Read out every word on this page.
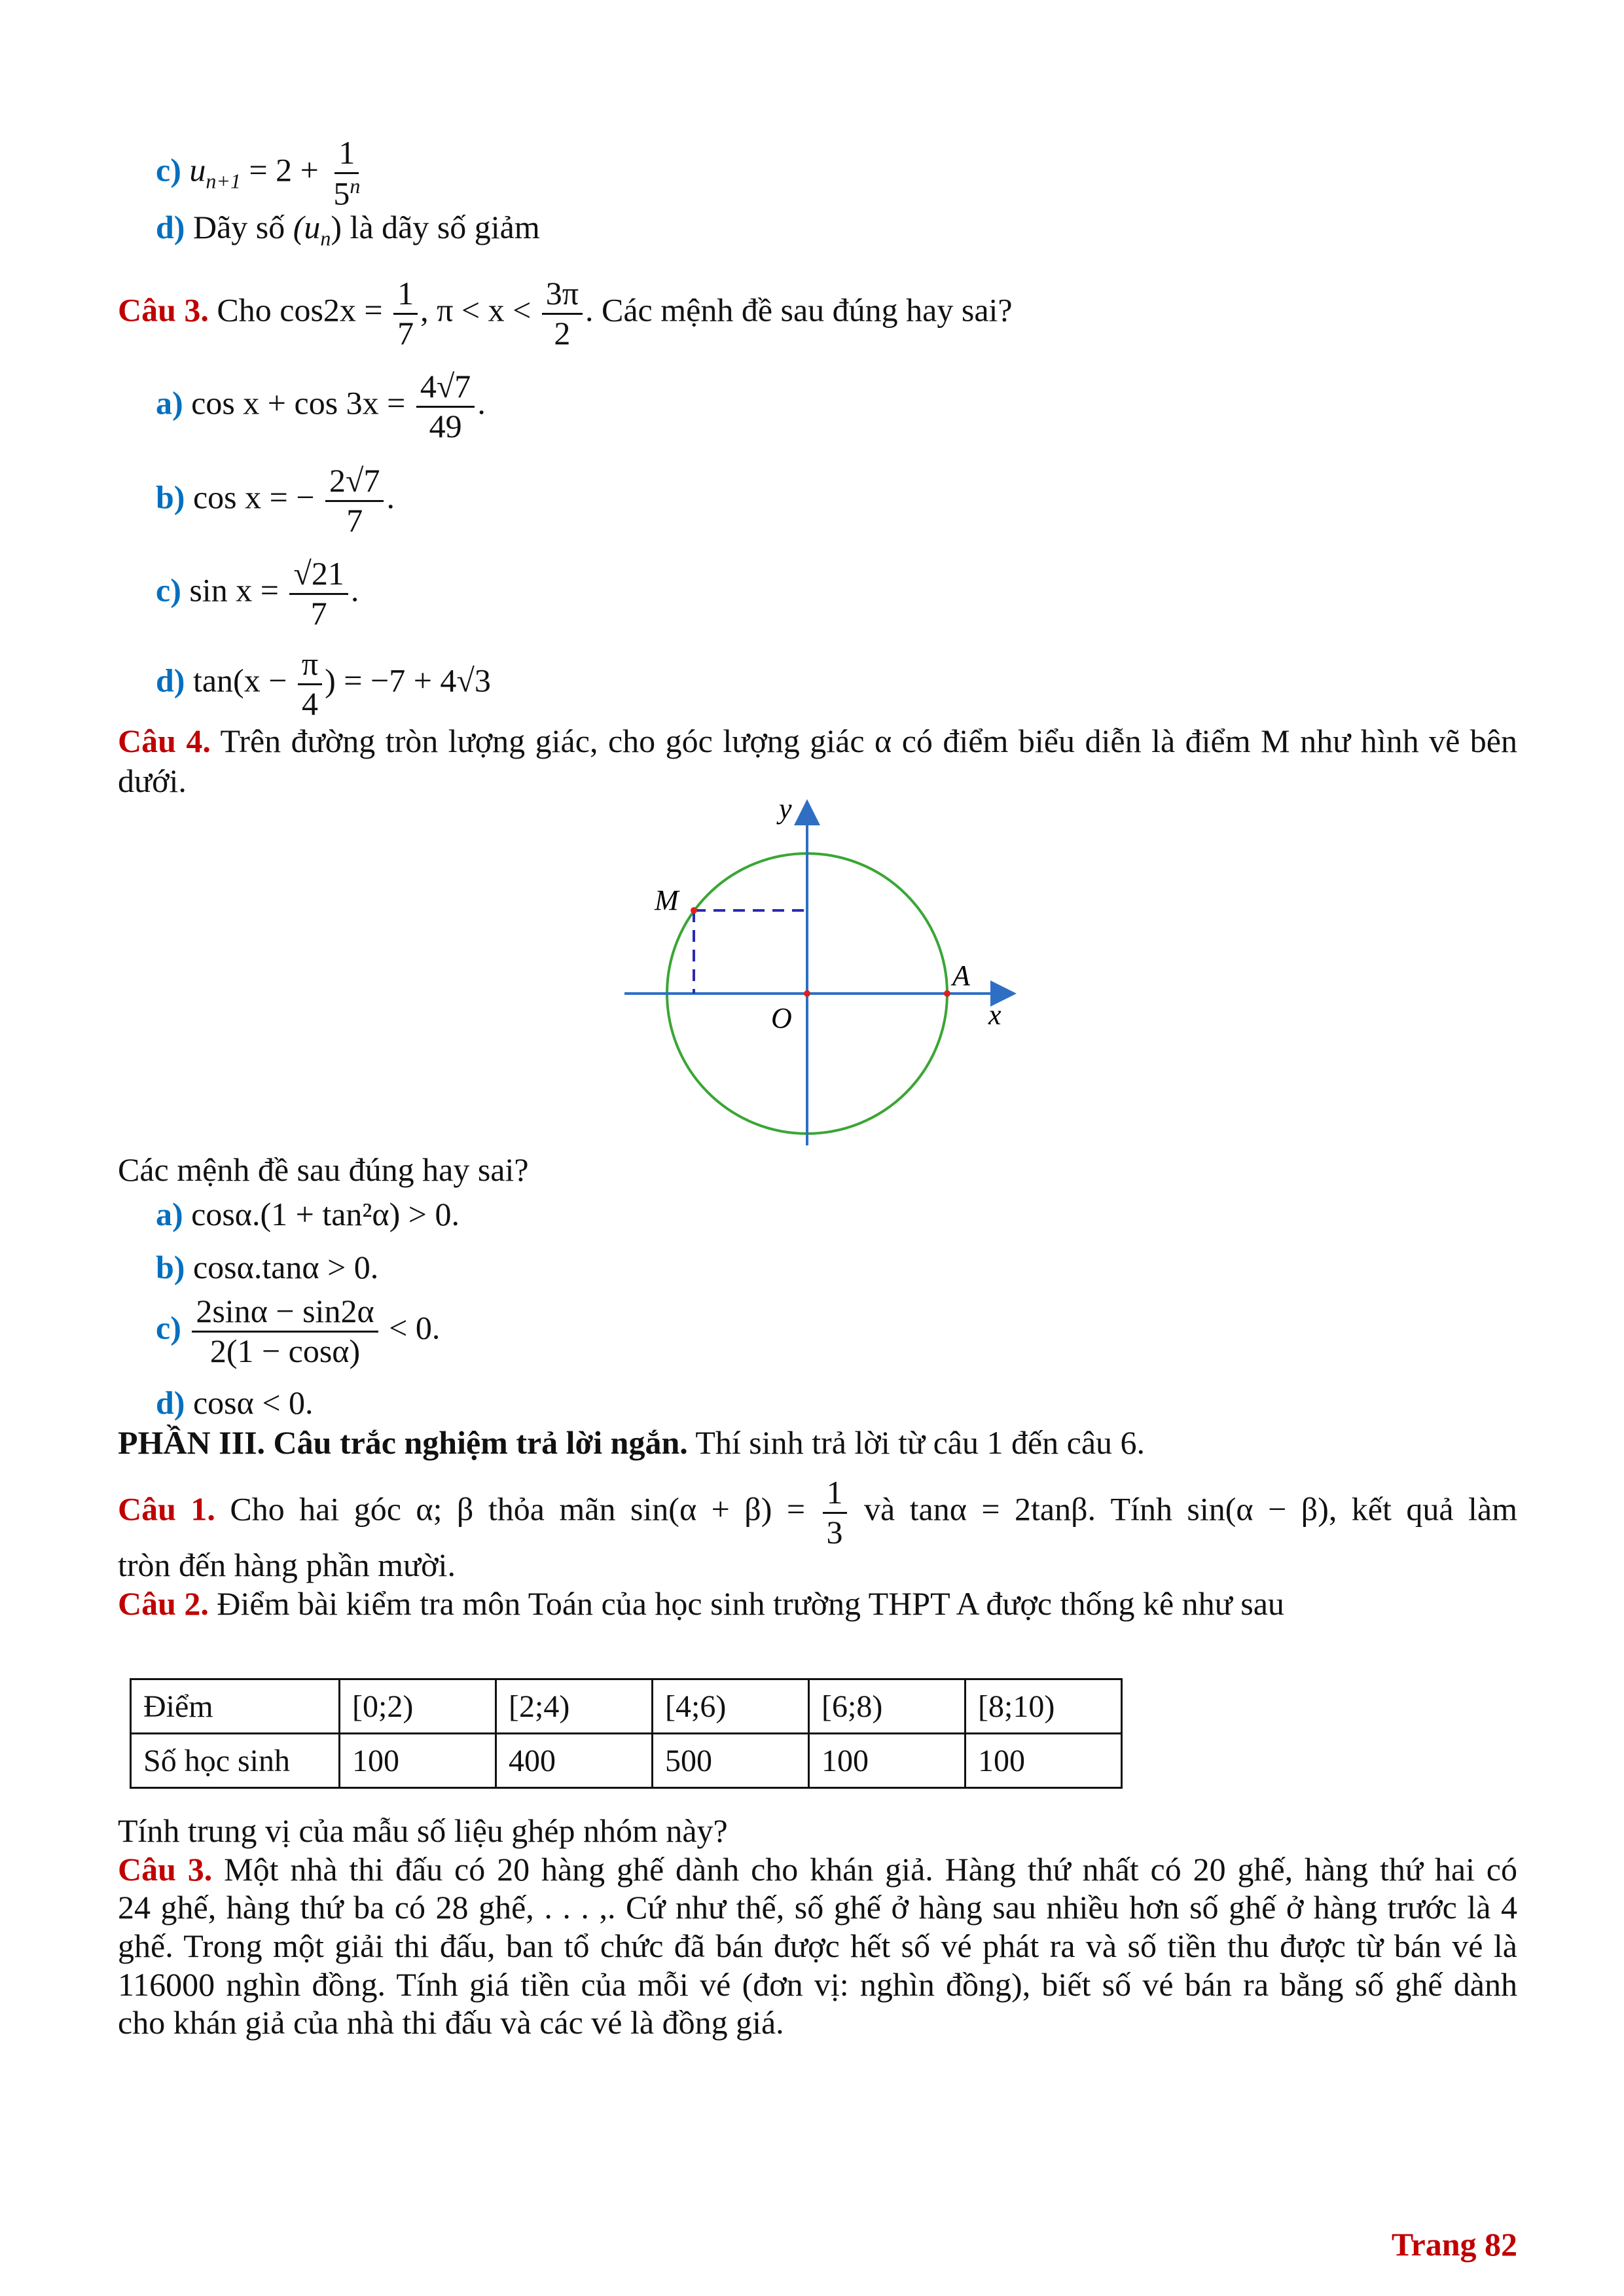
c) $u_{n+1} = 2 + \frac{1}{5^n}$
d) Dãy số $(u_n)$ là dãy số giảm
Câu 3. Cho $\cos 2x = \frac{1}{7}$ , $\pi < x < \frac{3\pi}{2}$ . Các mệnh đề sau đúng hay sai?
a) $\cos x + \cos 3x = \frac{4√7}{49}$ .
b) cos x = − $\frac{2√7}{7}$ .
c) $\sin x = \frac{√21}{7}$ .
d) $\tan(x - \frac{\pi}{4}$ ) = −7 + 4√3
Câu 4. Trên đường tròn lượng giác, cho góc lượng giác α có điểm biểu diễn là điểm M như hình vẽ bên
dưới.
y
x
O
M
A
Các mệnh đề sau đúng hay sai?
a) cosα.(1 + tan²α) > 0.
b) cosα.tanα > 0.
$c) \frac{2\sin\alpha - \sin 2\alpha}{2(1 - \cos\alpha)} < 0$.
d) cosα < 0.
PHẦN III. Câu trắc nghiệm trả lời ngắn. Thí sinh trả lời từ câu 1 đến câu 6.
Câu 1. Cho hai góc α; β thỏa mãn $\sin(\alpha + \beta) = \frac{1}{3}$ và tanα = 2tanβ. Tính sin(α − β), kết quả làm
tròn đến hàng phần mười.
Câu 2. Điểm bài kiểm tra môn Toán của học sinh trường THPT A được thống kê như sau
Điểm	[0;2)	[2;4)	[4;6)	[6;8)	[8;10)
Số học sinh	100	400	500	100	100
Tính trung vị của mẫu số liệu ghép nhóm này?
Câu 3. Một nhà thi đấu có 20 hàng ghế dành cho khán giả. Hàng thứ nhất có 20 ghế, hàng thứ hai có
24 ghế, hàng thứ ba có 28 ghế, . . . ,. Cứ như thế, số ghế ở hàng sau nhiều hơn số ghế ở hàng trước là 4
ghế. Trong một giải thi đấu, ban tổ chức đã bán được hết số vé phát ra và số tiền thu được từ bán vé là
116000 nghìn đồng. Tính giá tiền của mỗi vé (đơn vị: nghìn đồng), biết số vé bán ra bằng số ghế dành
cho khán giả của nhà thi đấu và các vé là đồng giá.
Trang 82
